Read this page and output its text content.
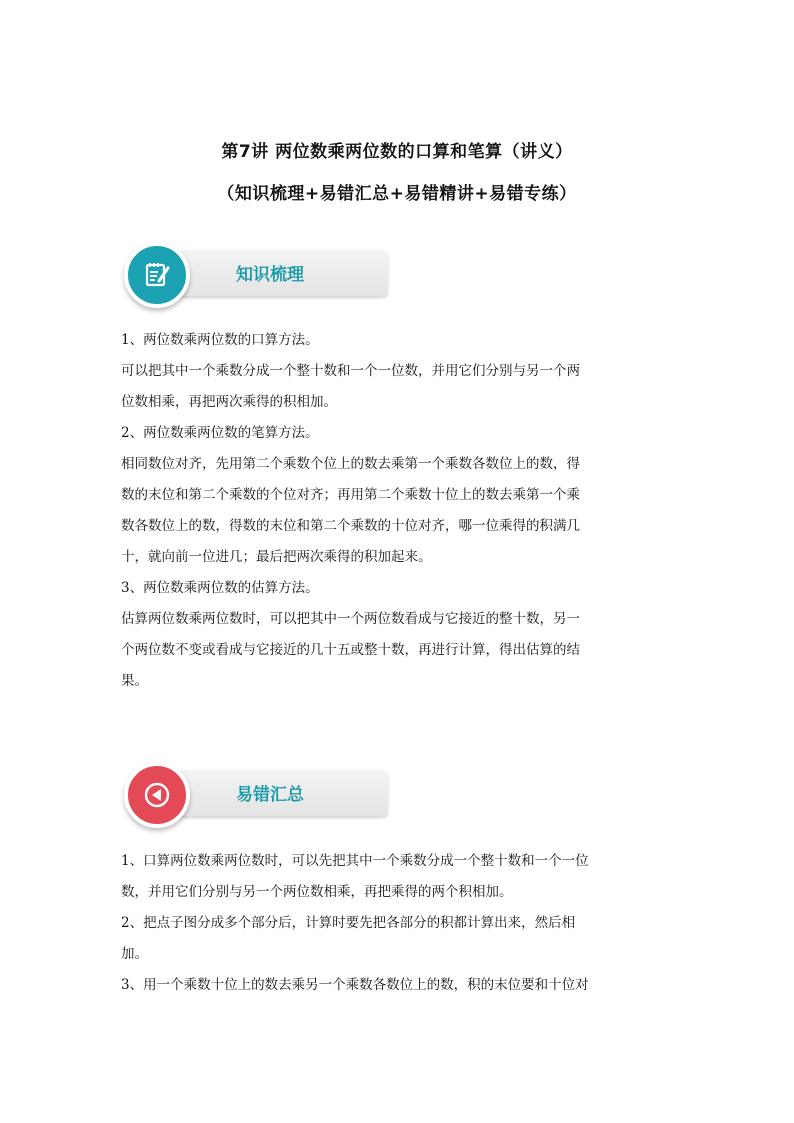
第7讲 两位数乘两位数的口算和笔算（讲义）
（知识梳理+易错汇总+易错精讲+易错专练）
知识梳理

1、两位数乘两位数的口算方法。

可以把其中一个乘数分成一个整十数和一个一位数，并用它们分别与另一个两

位数相乘，再把两次乘得的积相加。

2、两位数乘两位数的笔算方法。

相同数位对齐，先用第二个乘数个位上的数去乘第一个乘数各数位上的数，得

数的末位和第二个乘数的个位对齐；再用第二个乘数十位上的数去乘第一个乘

数各数位上的数，得数的末位和第二个乘数的十位对齐，哪一位乘得的积满几

十，就向前一位进几；最后把两次乘得的积加起来。

3、两位数乘两位数的估算方法。

估算两位数乘两位数时，可以把其中一个两位数看成与它接近的整十数，另一

个两位数不变或看成与它接近的几十五或整十数，再进行计算，得出估算的结

果。

易错汇总

1、口算两位数乘两位数时，可以先把其中一个乘数分成一个整十数和一个一位

数，并用它们分别与另一个两位数相乘，再把乘得的两个积相加。

2、把点子图分成多个部分后，计算时要先把各部分的积都计算出来，然后相

加。

3、用一个乘数十位上的数去乘另一个乘数各数位上的数，积的末位要和十位对
